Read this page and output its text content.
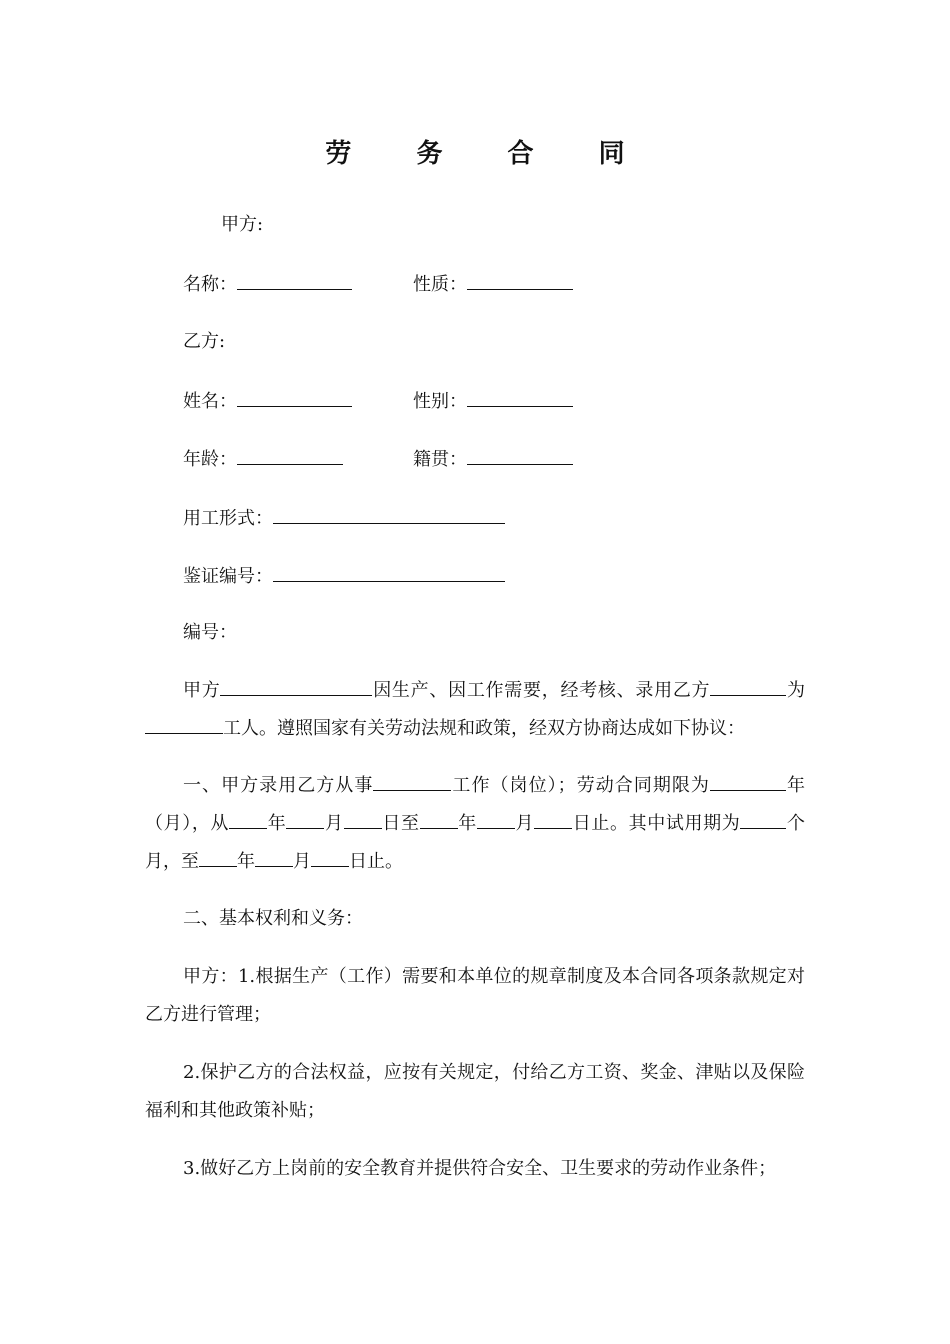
劳 务 合 同
甲方:
名称：	性质：
乙方:
姓名：	性别：
年龄：	籍贯：
用工形式：
鉴证编号：
编号：
甲方	因生产、因工作需要，经考核、录用乙方	为工人。遵照国家有关劳动法规和政策，经双方协商达成如下协议：
一、甲方录用乙方从事	工作（岗位）；劳动合同期限为	年（月），从 年 月 日至 年 月 日止。其中试用期为	个月，至 年 月 日止。
二、基本权利和义务：
甲方：1.根据生产（工作）需要和本单位的规章制度及本合同各项条款规定对乙方进行管理；
2.保护乙方的合法权益，应按有关规定，付给乙方工资、奖金、津贴以及保险福利和其他政策补贴；
3.做好乙方上岗前的安全教育并提供符合安全、卫生要求的劳动作业条件；
